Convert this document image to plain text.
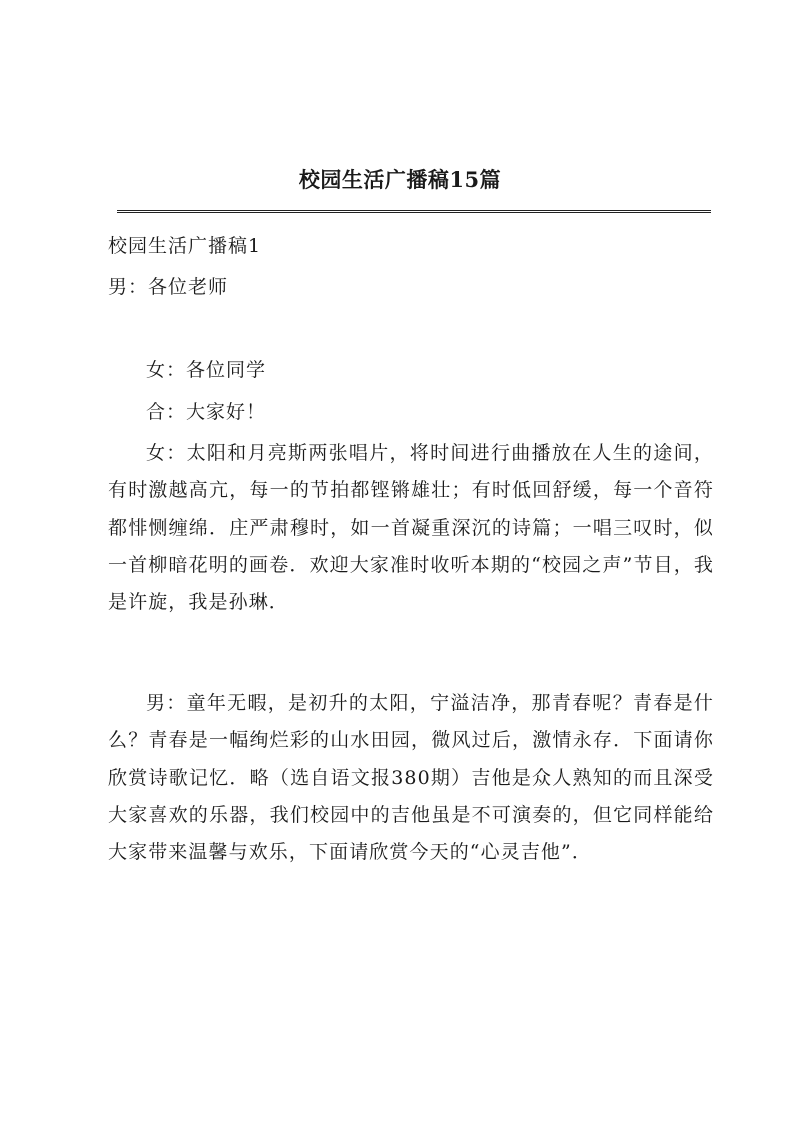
校园生活广播稿15篇
校园生活广播稿1
男：各位老师
女：各位同学
合：大家好！

女：太阳和月亮斯两张唱片，将时间进行曲播放在人生的途间，有时激越高亢，每一的节拍都铿锵雄壮；有时低回舒缓，每一个音符都悱恻缠绵．庄严肃穆时，如一首凝重深沉的诗篇；一唱三叹时，似一首柳暗花明的画卷．欢迎大家准时收听本期的“校园之声”节目，我是许旋，我是孙琳．

男：童年无暇，是初升的太阳，宁溢洁净，那青春呢？青春是什么？青春是一幅绚烂彩的山水田园，微风过后，激情永存．下面请你欣赏诗歌记忆．略（选自语文报380期）吉他是众人熟知的而且深受大家喜欢的乐器，我们校园中的吉他虽是不可演奏的，但它同样能给大家带来温馨与欢乐，下面请欣赏今天的“心灵吉他”．
